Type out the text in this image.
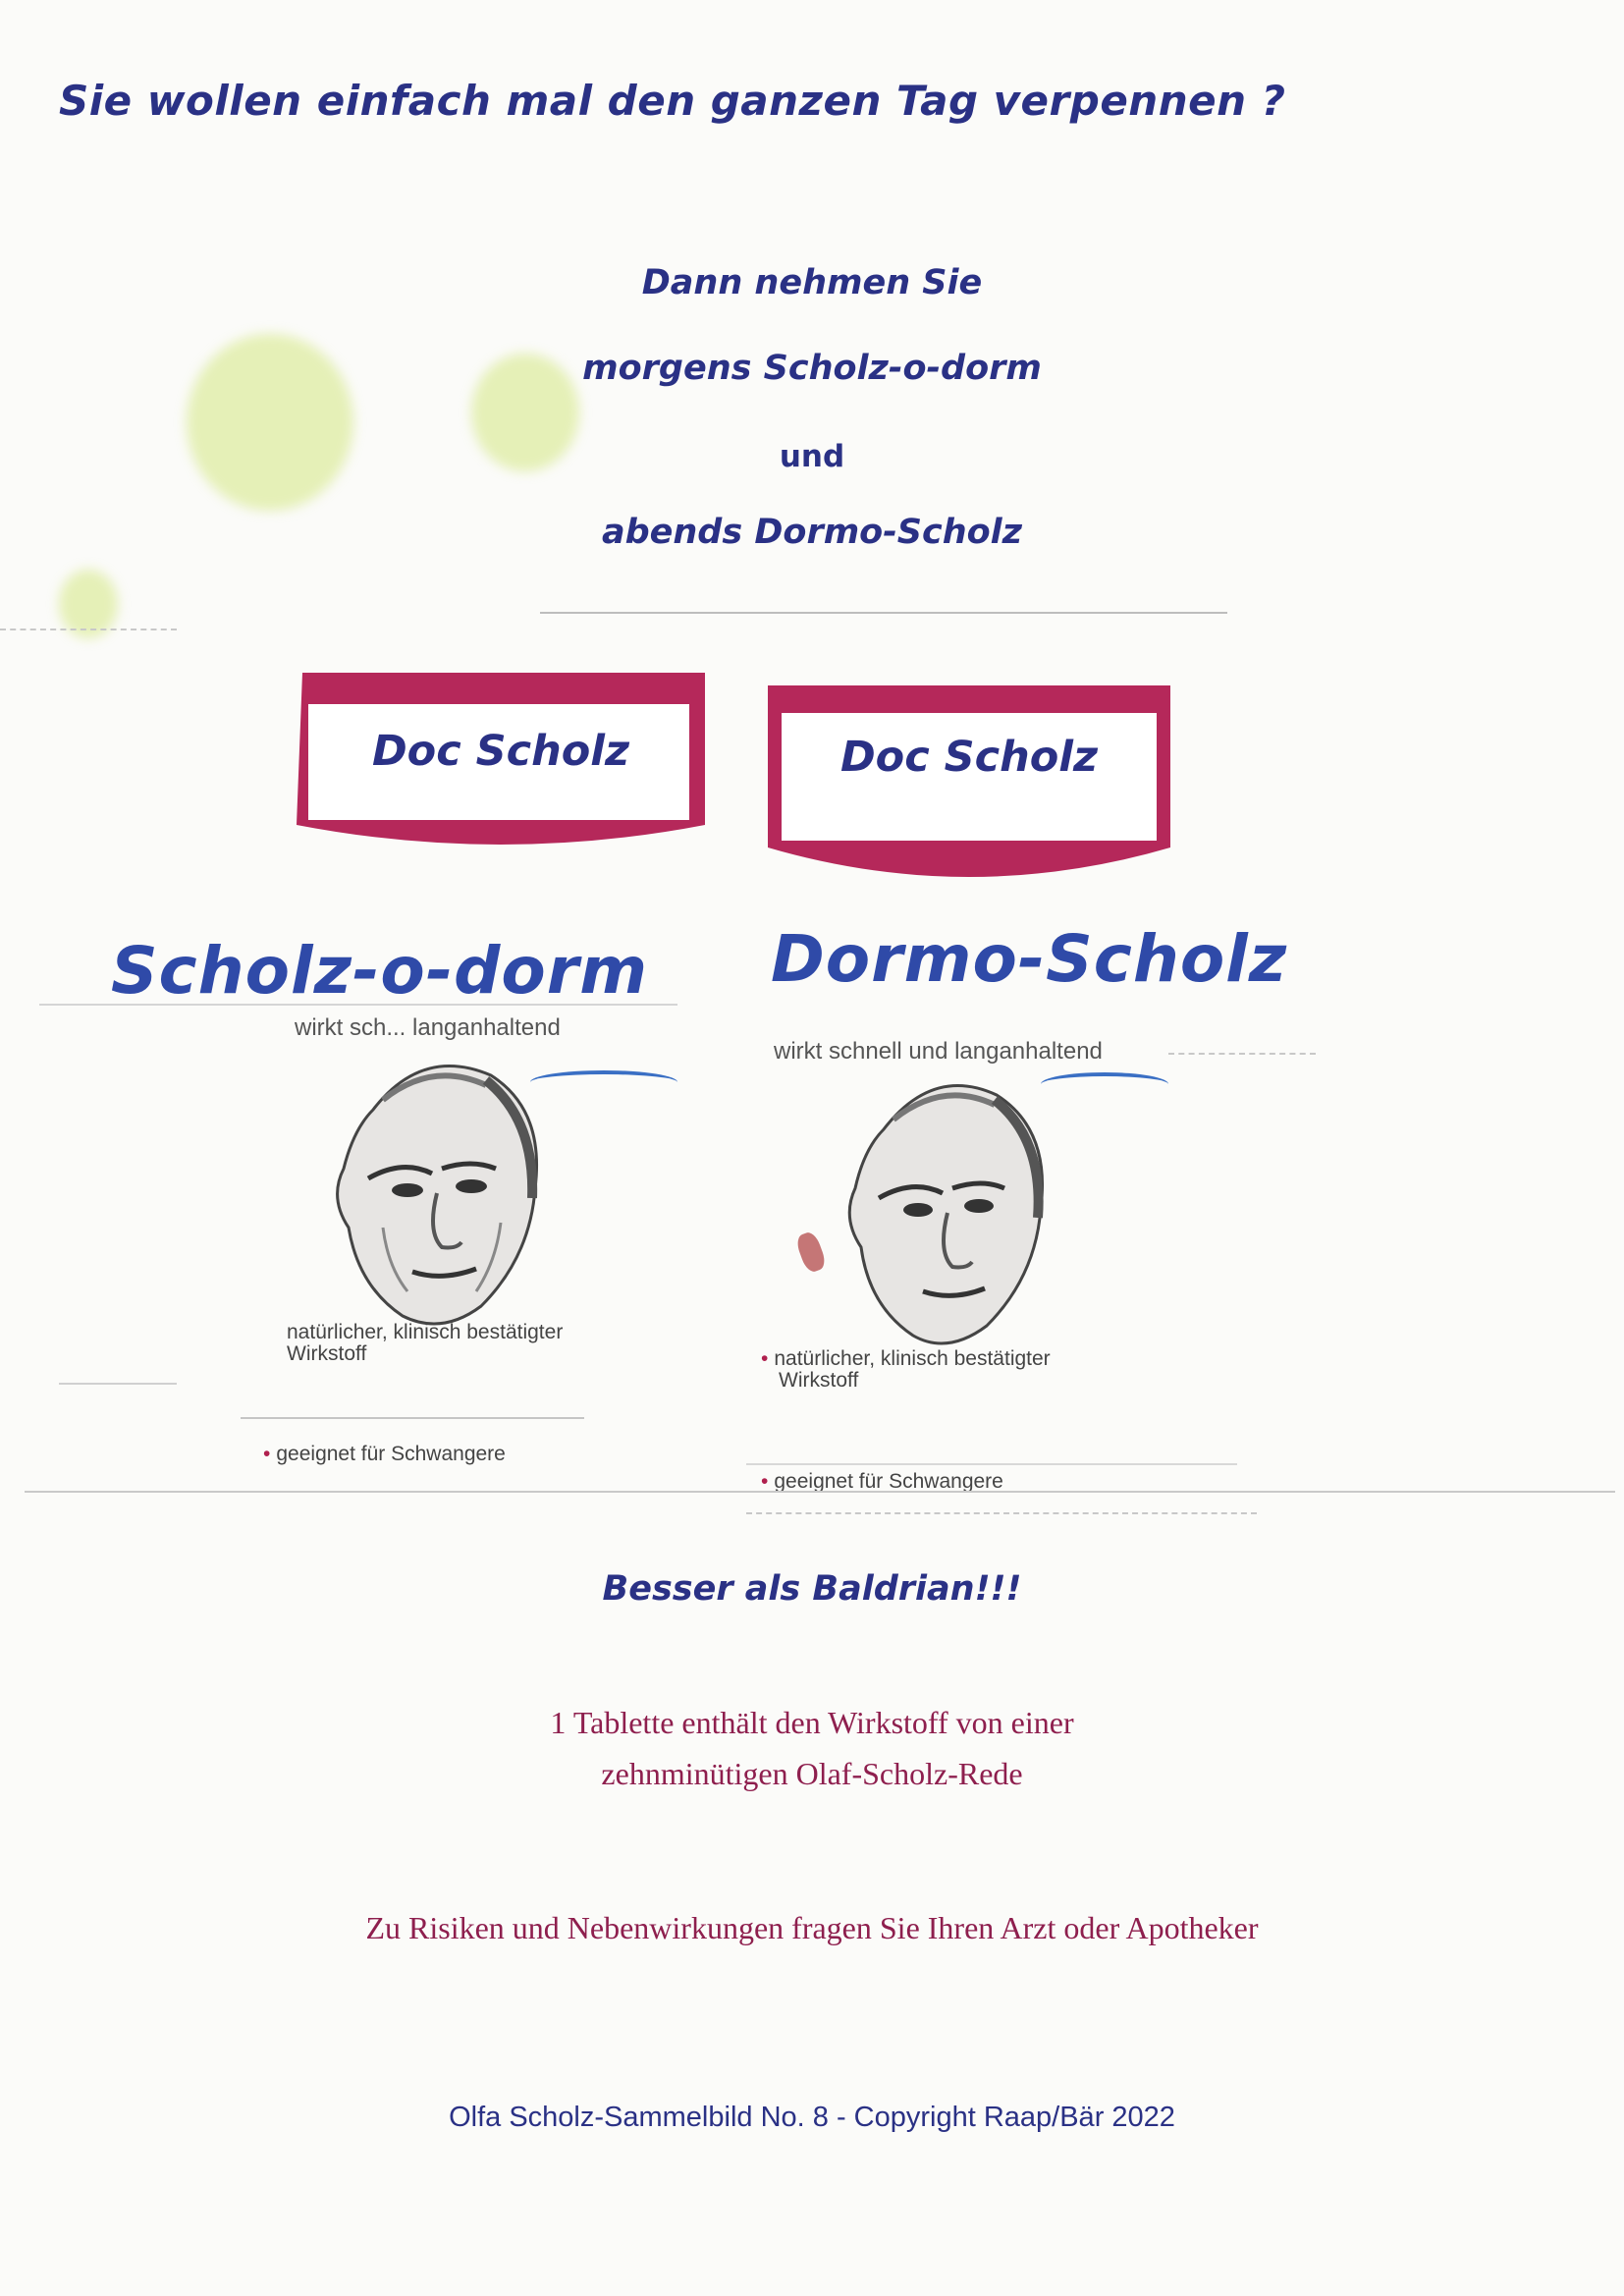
Sie wollen einfach mal den ganzen Tag verpennen ?
Dann nehmen Sie
morgens Scholz-o-dorm
und
abends Dormo-Scholz
Doc Scholz	Doc Scholz
Scholz-o-dorm Dormo-Scholz
wirkt sch... langanhaltend
wirkt schnell und langanhaltend
natürlicher, klinisch bestätigter
Wirkstoff	• natürlicher, klinisch bestätigter
Wirkstoff
• geeignet für Schwangere
• geeignet für Schwangere
Besser als Baldrian!!!
1 Tablette enthält den Wirkstoff von einer
zehnminütigen Olaf-Scholz-Rede
Zu Risiken und Nebenwirkungen fragen Sie Ihren Arzt oder Apotheker
Olfa Scholz-Sammelbild No. 8 - Copyright Raap/Bär 2022
